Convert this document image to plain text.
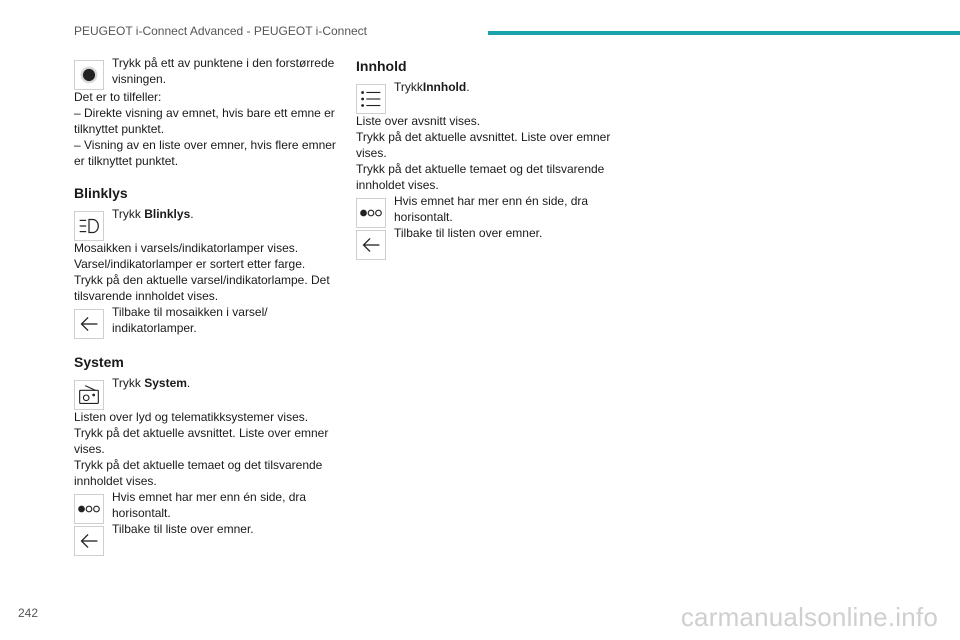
PEUGEOT i-Connect Advanced - PEUGEOT i-Connect

Trykk på ett av punktene i den forstørrede visningen.

Det er to tilfeller:

– Direkte visning av emnet, hvis bare ett emne er tilknyttet punktet.

– Visning av en liste over emner, hvis flere emner er tilknyttet punktet.

Blinklys

Trykk Blinklys.

Mosaikken i varsels/indikatorlamper vises.

Varsel/indikatorlamper er sortert etter farge.

Trykk på den aktuelle varsel/indikatorlampe. Det tilsvarende innholdet vises.

Tilbake til mosaikken i varsel/ indikatorlamper.

System

Trykk System.

Listen over lyd og telematikksystemer vises.

Trykk på det aktuelle avsnittet. Liste over emner vises.

Trykk på det aktuelle temaet og det tilsvarende innholdet vises.

Hvis emnet har mer enn én side, dra horisontalt.

Tilbake til liste over emner.

Innhold

TrykkInnhold.

Liste over avsnitt vises.

Trykk på det aktuelle avsnittet. Liste over emner vises.

Trykk på det aktuelle temaet og det tilsvarende innholdet vises.

Hvis emnet har mer enn én side, dra horisontalt.

Tilbake til listen over emner.

242	carmanualsonline.info
